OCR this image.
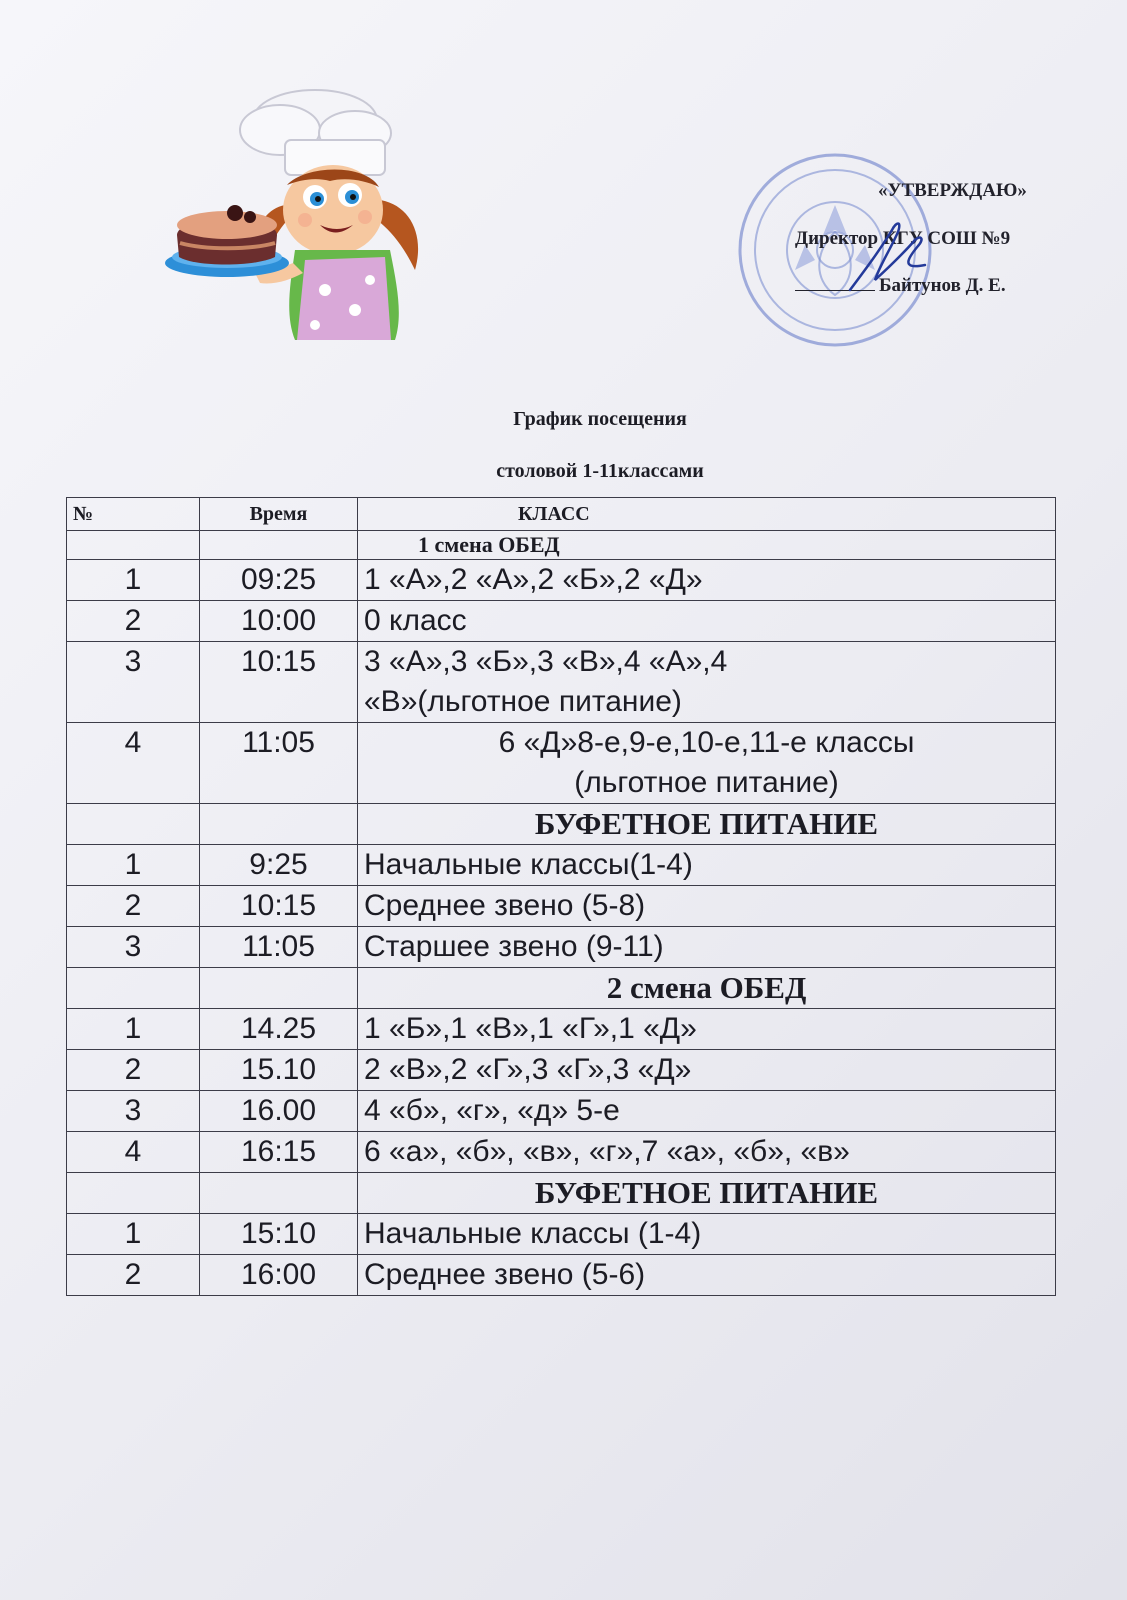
«УТВЕРЖДАЮ»
Директор КГУ СОШ №9
Байтунов Д. Е.
График посещения
столовой 1-11классами
№	Время	КЛАСС
		1 смена ОБЕД
1	09:25	1 «А»,2 «А»,2 «Б»,2 «Д»
2	10:00	0 класс
3	10:15	3 «А»,3 «Б»,3 «В»,4 «А»,4 «В»(льготное питание)
4	11:05	6 «Д»8-е,9-е,10-е,11-е классы (льготное питание)
		БУФЕТНОЕ ПИТАНИЕ
1	9:25	Начальные классы(1-4)
2	10:15	Среднее звено (5-8)
3	11:05	Старшее звено (9-11)
		2 смена ОБЕД
1	14.25	1 «Б»,1 «В»,1 «Г»,1 «Д»
2	15.10	2 «В»,2 «Г»,3 «Г»,3 «Д»
3	16.00	4 «б», «г», «д» 5-е
4	16:15	6 «а», «б», «в», «г»,7 «а», «б», «в»
		БУФЕТНОЕ ПИТАНИЕ
1	15:10	Начальные классы (1-4)
2	16:00	Среднее звено (5-6)
